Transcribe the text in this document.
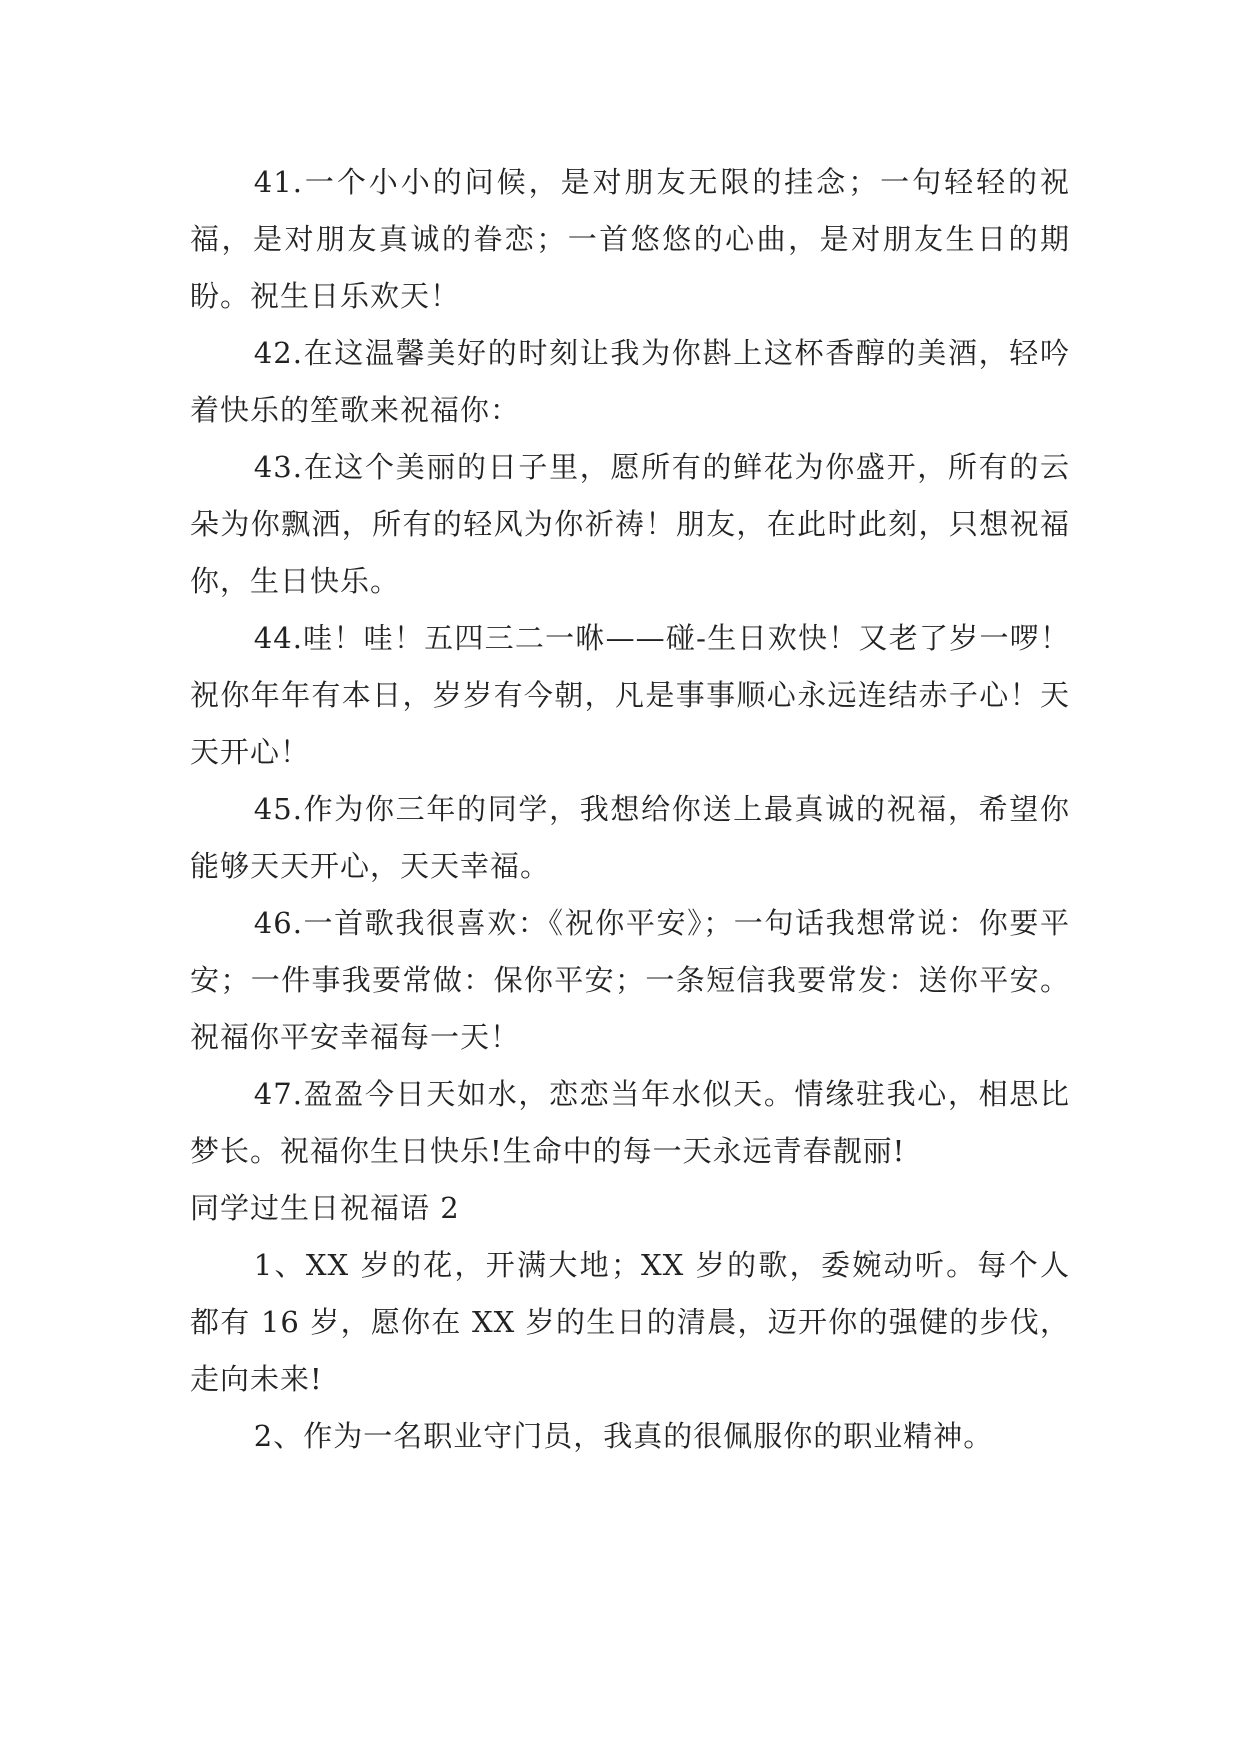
41.一个小小的问候，是对朋友无限的挂念；一句轻轻的祝福，是对朋友真诚的眷恋；一首悠悠的心曲，是对朋友生日的期盼。祝生日乐欢天！

42.在这温馨美好的时刻让我为你斟上这杯香醇的美酒，轻吟着快乐的笙歌来祝福你：

43.在这个美丽的日子里，愿所有的鲜花为你盛开，所有的云朵为你飘洒，所有的轻风为你祈祷！朋友，在此时此刻，只想祝福你，生日快乐。

44.哇！哇！五四三二一咻——碰-生日欢快！又老了岁一啰！祝你年年有本日，岁岁有今朝，凡是事事顺心永远连结赤子心！天天开心！

45.作为你三年的同学，我想给你送上最真诚的祝福，希望你能够天天开心，天天幸福。

46.一首歌我很喜欢：《祝你平安》；一句话我想常说：你要平安；一件事我要常做：保你平安；一条短信我要常发：送你平安。祝福你平安幸福每一天！

47.盈盈今日天如水，恋恋当年水似天。情缘驻我心，相思比梦长。祝福你生日快乐!生命中的每一天永远青春靓丽!

同学过生日祝福语 2

1、XX 岁的花，开满大地；XX 岁的歌，委婉动听。每个人都有 16 岁，愿你在 XX 岁的生日的清晨，迈开你的强健的步伐，走向未来!

2、作为一名职业守门员，我真的很佩服你的职业精神。
